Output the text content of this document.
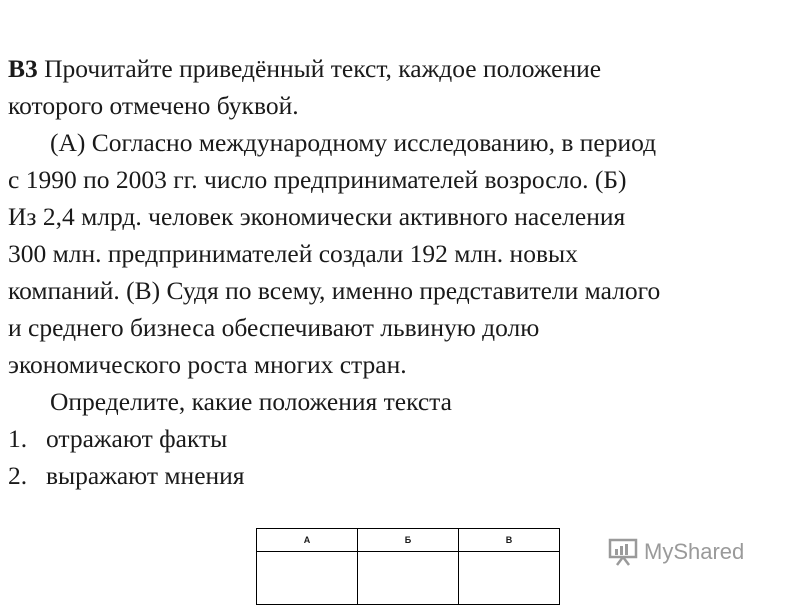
В3 Прочитайте приведённый текст, каждое положение
которого отмечено буквой.
(А) Согласно международному исследованию, в период
с 1990 по 2003 гг. число предпринимателей возросло. (Б)
Из 2,4 млрд. человек экономически активного населения
300 млн. предпринимателей создали 192 млн. новых
компаний. (В) Судя по всему, именно представители малого
и среднего бизнеса обеспечивают львиную долю
экономического роста многих стран.
Определите, какие положения текста
1. отражают факты
2. выражают мнения
А	Б	В
			MyShared
